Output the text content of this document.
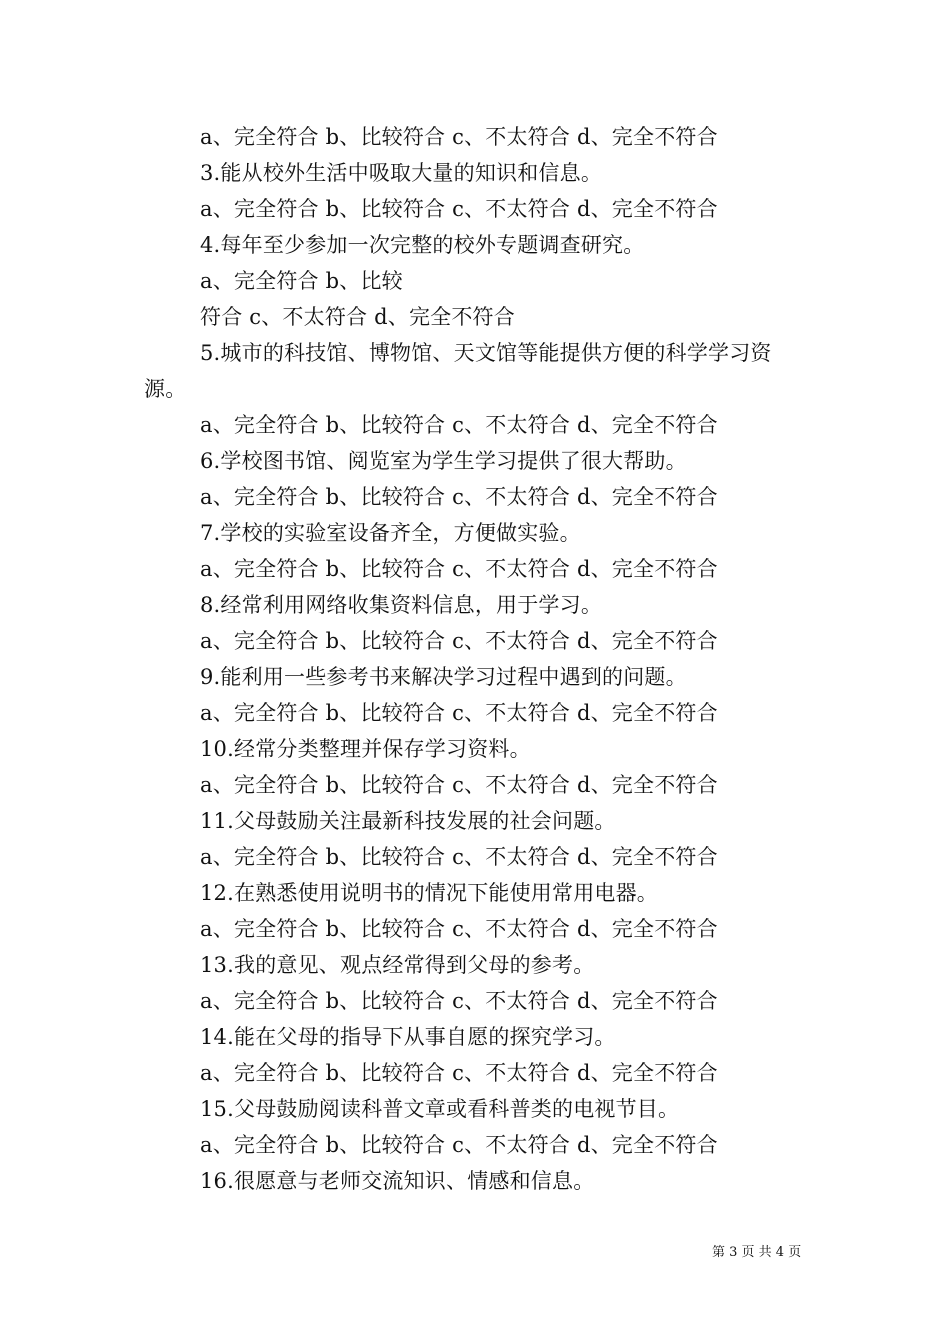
a、完全符合 b、比较符合 c、不太符合 d、完全不符合
3.能从校外生活中吸取大量的知识和信息。
a、完全符合 b、比较符合 c、不太符合 d、完全不符合
4.每年至少参加一次完整的校外专题调查研究。
a、完全符合 b、比较
符合 c、不太符合 d、完全不符合
5.城市的科技馆、博物馆、天文馆等能提供方便的科学学习资
源。
a、完全符合 b、比较符合 c、不太符合 d、完全不符合
6.学校图书馆、阅览室为学生学习提供了很大帮助。
a、完全符合 b、比较符合 c、不太符合 d、完全不符合
7.学校的实验室设备齐全，方便做实验。
a、完全符合 b、比较符合 c、不太符合 d、完全不符合
8.经常利用网络收集资料信息，用于学习。
a、完全符合 b、比较符合 c、不太符合 d、完全不符合
9.能利用一些参考书来解决学习过程中遇到的问题。
a、完全符合 b、比较符合 c、不太符合 d、完全不符合
10.经常分类整理并保存学习资料。
a、完全符合 b、比较符合 c、不太符合 d、完全不符合
11.父母鼓励关注最新科技发展的社会问题。
a、完全符合 b、比较符合 c、不太符合 d、完全不符合
12.在熟悉使用说明书的情况下能使用常用电器。
a、完全符合 b、比较符合 c、不太符合 d、完全不符合
13.我的意见、观点经常得到父母的参考。
a、完全符合 b、比较符合 c、不太符合 d、完全不符合
14.能在父母的指导下从事自愿的探究学习。
a、完全符合 b、比较符合 c、不太符合 d、完全不符合
15.父母鼓励阅读科普文章或看科普类的电视节目。
a、完全符合 b、比较符合 c、不太符合 d、完全不符合
16.很愿意与老师交流知识、情感和信息。
第 3 页 共 4 页
